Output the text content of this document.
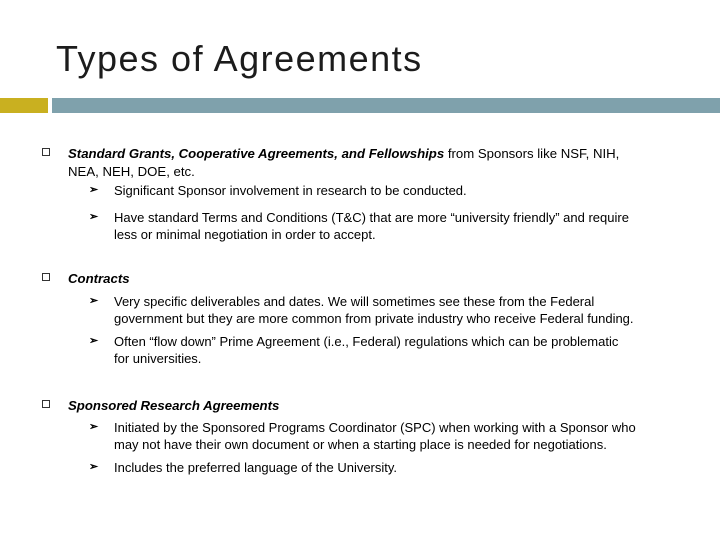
Types of Agreements
Standard Grants, Cooperative Agreements, and Fellowships from Sponsors like NSF, NIH,
NEA, NEH, DOE, etc.
➢ Significant Sponsor involvement in research to be conducted.
➢ Have standard Terms and Conditions (T&C) that are more “university friendly” and require
less or minimal negotiation in order to accept.
Contracts
➢ Very specific deliverables and dates. We will sometimes see these from the Federal
government but they are more common from private industry who receive Federal funding.
➢ Often “flow down” Prime Agreement (i.e., Federal) regulations which can be problematic
for universities.
Sponsored Research Agreements
➢ Initiated by the Sponsored Programs Coordinator (SPC) when working with a Sponsor who
may not have their own document or when a starting place is needed for negotiations.
➢ Includes the preferred language of the University.
